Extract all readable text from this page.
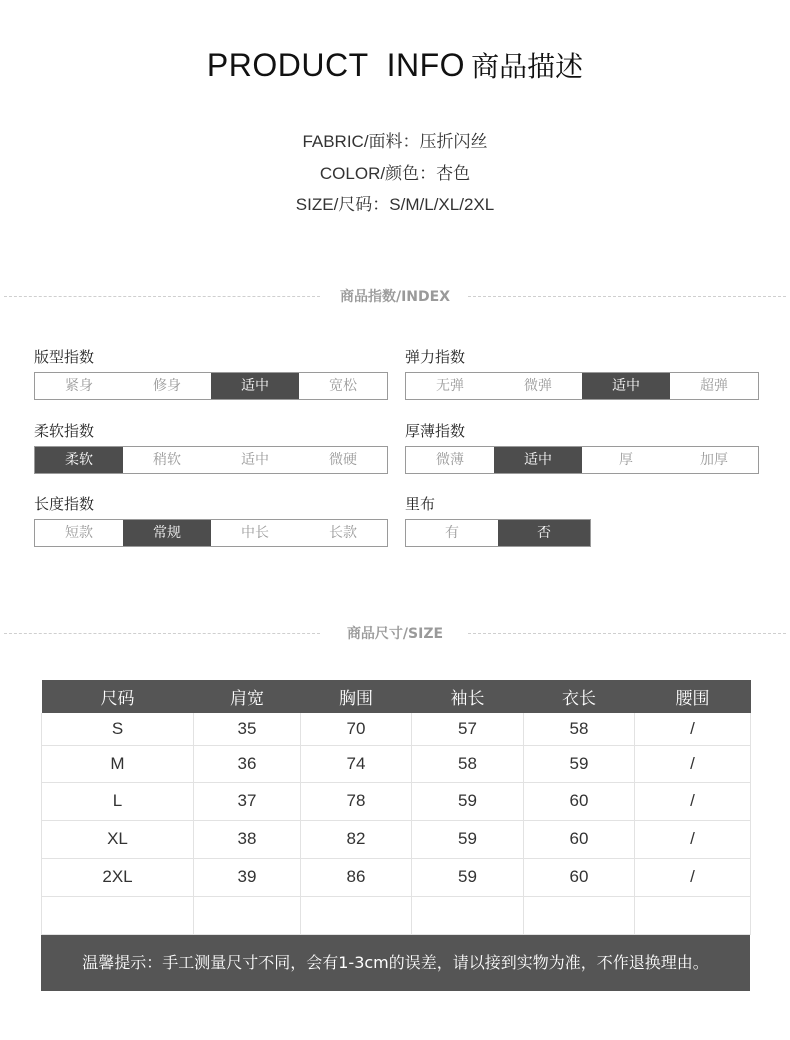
PRODUCT INFO 商品描述
FABRIC/面料：压折闪丝
COLOR/颜色：杏色
SIZE/尺码：S/M/L/XL/2XL
商品指数/INDEX
版型指数
紧身	修身	适中	宽松
弹力指数
无弹	微弹	适中	超弹
柔软指数
柔软	稍软	适中	微硬
厚薄指数
微薄	适中	厚	加厚
长度指数
短款	常规	中长	长款
里布
有	否
商品尺寸/SIZE
尺码	肩宽	胸围	袖长	衣长	腰围
S	35	70	57	58	/
M	36	74	58	59	/
L	37	78	59	60	/
XL	38	82	59	60	/
2XL	39	86	59	60	/

温馨提示：手工测量尺寸不同，会有1-3cm的误差，请以接到实物为准，不作退换理由。
